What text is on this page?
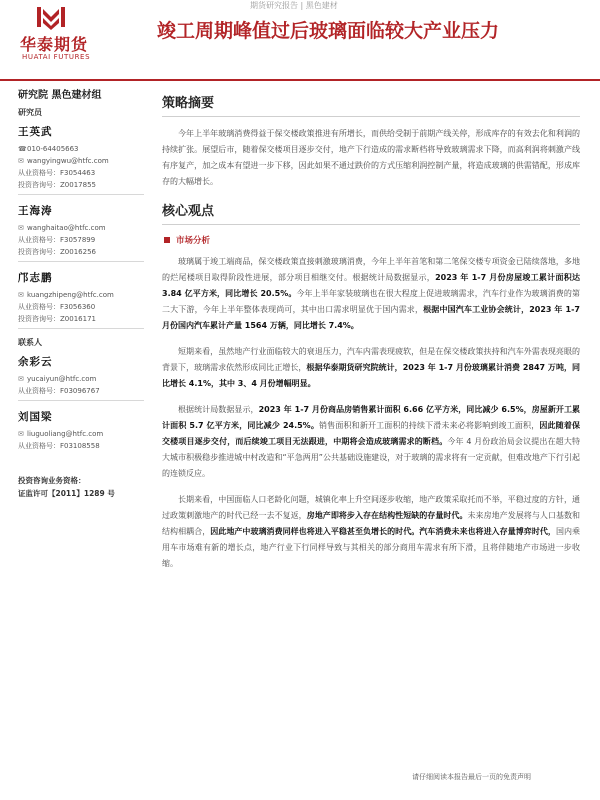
华泰期货
HUATAI FUTURES
期货研究报告 | 黑色建材
竣工周期峰值过后玻璃面临较大产业压力
研究院 黑色建材组
研究员
王英武
☎010-64405663
✉ wangyingwu@htfc.com
从业资格号：F3054463
投资咨询号：Z0017855
王海涛
✉ wanghaitao@htfc.com
从业资格号：F3057899
投资咨询号：Z0016256
邝志鹏
✉ kuangzhipeng@htfc.com
从业资格号：F3056360
投资咨询号：Z0016171
联系人
余彩云
✉ yucaiyun@htfc.com
从业资格号：F03096767
刘国梁
✉ liuguoliang@htfc.com
从业资格号：F03108558
投资咨询业务资格：
证监许可【2011】1289 号
策略摘要

今年上半年玻璃消费得益于保交楼政策推进有所增长，而供给受制于前期产线关停，形成库存的有效去化和利润的持续扩张。展望后市，随着保交楼项目逐步交付，地产下行造成的需求断档将导致玻璃需求下降，而高利润将刺激产线有序复产，加之成本有望进一步下移，因此如果不通过跌价的方式压缩利润控制产量，将造成玻璃的供需错配，形成库存的大幅增长。

核心观点
市场分析

玻璃属于竣工端商品，保交楼政策直接刺激玻璃消费，今年上半年首笔和第二笔保交楼专项资金已陆续落地，多地的烂尾楼项目取得阶段性进展，部分项目相继交付。根据统计局数据显示，2023 年 1-7 月份房屋竣工累计面积达 3.84 亿平方米，同比增长 20.5%。今年上半年家装玻璃也在很大程度上促进玻璃需求，汽车行业作为玻璃消费的第二大下游，今年上半年整体表现尚可，其中出口需求明显优于国内需求，根据中国汽车工业协会统计，2023 年 1-7 月份国内汽车累计产量 1564 万辆，同比增长 7.4%。

短期来看，虽然地产行业面临较大的衰退压力，汽车内需表现疲软，但是在保交楼政策扶持和汽车外需表现亮眼的背景下，玻璃需求依然形成同比正增长，根据华泰期货研究院统计，2023 年 1-7 月份玻璃累计消费 2847 万吨，同比增长 4.1%，其中 3、4 月份增幅明显。

根据统计局数据显示，2023 年 1-7 月份商品房销售累计面积 6.66 亿平方米，同比减少 6.5%，房屋新开工累计面积 5.7 亿平方米，同比减少 24.5%。销售面积和新开工面积的持续下滑未来必将影响到竣工面积，因此随着保交楼项目逐步交付，而后续竣工项目无法跟进，中期将会造成玻璃需求的断档。今年 4 月份政治局会议提出在超大特大城市积极稳步推进城中村改造和“平急两用”公共基础设施建设，对于玻璃的需求将有一定贡献，但难改地产下行引起的连锁反应。

长期来看，中国面临人口老龄化问题，城镇化率上升空间逐步收缩，地产政策采取托而不举，平稳过度的方针，通过政策刺激地产的时代已经一去不复返，房地产即将步入存在结构性短缺的存量时代。未来房地产发展将与人口基数和结构相耦合，因此地产中玻璃消费同样也将进入平稳甚至负增长的时代。汽车消费未来也将进入存量博弈时代，国内乘用车市场难有新的增长点，地产行业下行同样导致与其相关的部分商用车需求有所下滑，且将伴随地产市场进一步收缩。

请仔细阅读本报告最后一页的免责声明
